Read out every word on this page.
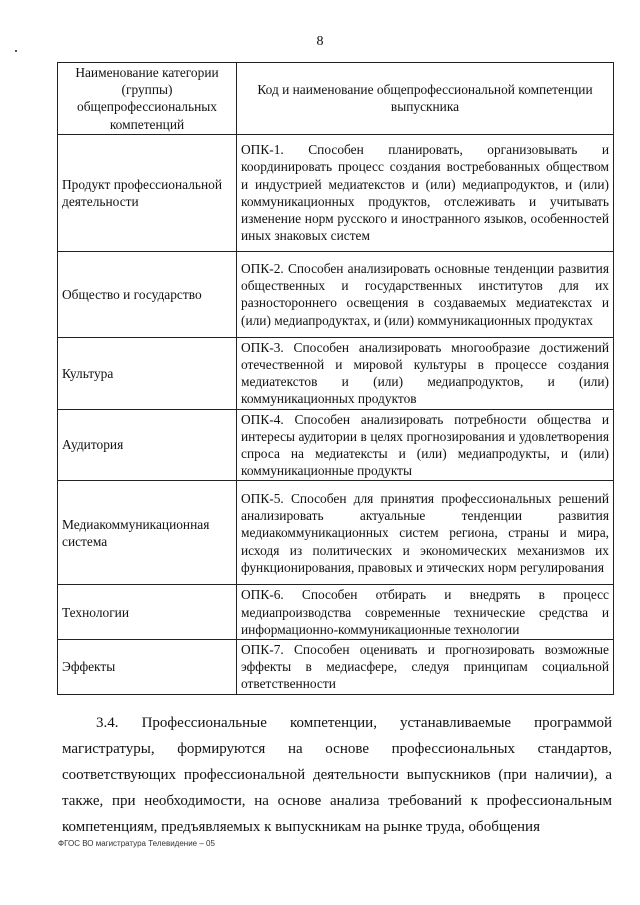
8
Наименование категории (группы) общепрофессиональных компетенций	Код и наименование общепрофессиональной компетенции выпускника
Продукт профессиональной деятельности	ОПК-1. Способен планировать, организовывать и координировать процесс создания востребованных обществом и индустрией медиатекстов и (или) медиапродуктов, и (или) коммуникационных продуктов, отслеживать и учитывать изменение норм русского и иностранного языков, особенностей иных знаковых систем
Общество и государство	ОПК-2. Способен анализировать основные тенденции развития общественных и государственных институтов для их разностороннего освещения в создаваемых медиатекстах и (или) медиапродуктах, и (или) коммуникационных продуктах
Культура	ОПК-3. Способен анализировать многообразие достижений отечественной и мировой культуры в процессе создания медиатекстов и (или) медиапродуктов, и (или) коммуникационных продуктов
Аудитория	ОПК-4. Способен анализировать потребности общества и интересы аудитории в целях прогнозирования и удовлетворения спроса на медиатексты и (или) медиапродукты, и (или) коммуникационные продукты
Медиакоммуникационная система	ОПК-5. Способен для принятия профессиональных решений анализировать актуальные тенденции развития медиакоммуникационных систем региона, страны и мира, исходя из политических и экономических механизмов их функционирования, правовых и этических норм регулирования
Технологии	ОПК-6. Способен отбирать и внедрять в процесс медиапроизводства современные технические средства и информационно-коммуникационные технологии
Эффекты	ОПК-7. Способен оценивать и прогнозировать возможные эффекты в медиасфере, следуя принципам социальной ответственности
3.4. Профессиональные компетенции, устанавливаемые программой магистратуры, формируются на основе профессиональных стандартов, соответствующих профессиональной деятельности выпускников (при наличии), а также, при необходимости, на основе анализа требований к профессиональным компетенциям, предъявляемых к выпускникам на рынке труда, обобщения
ФГОС ВО магистратура Телевидение – 05
